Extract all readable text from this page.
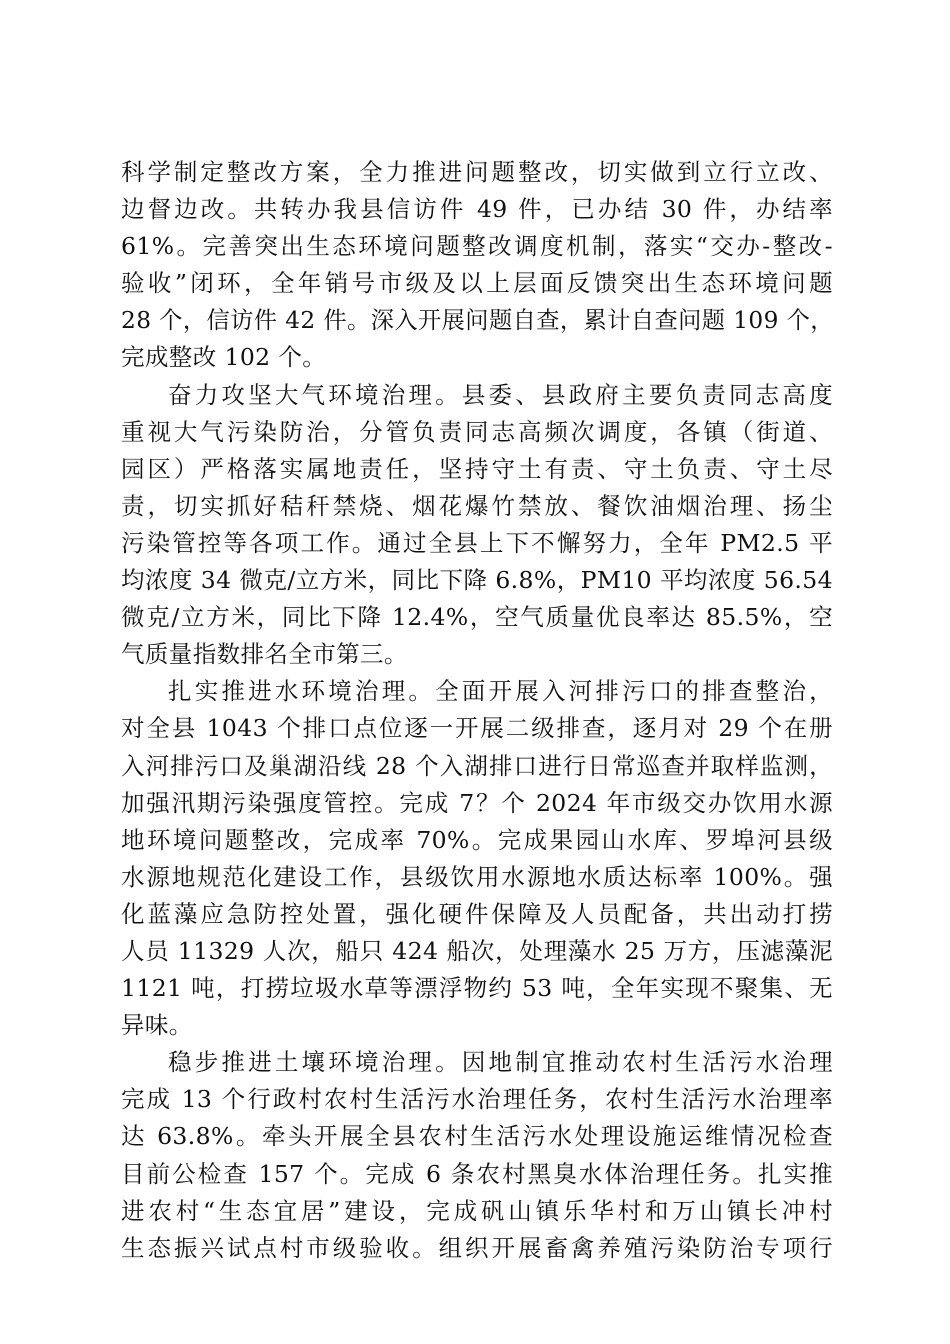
科学制定整改方案，全力推进问题整改，切实做到立行立改、
边督边改。共转办我县信访件 49 件，已办结 30 件，办结率
61%。完善突出生态环境问题整改调度机制，落实“交办-整改-
验收”闭环，全年销号市级及以上层面反馈突出生态环境问题
28 个，信访件 42 件。深入开展问题自查，累计自查问题 109 个，
完成整改 102 个。
奋力攻坚大气环境治理。县委、县政府主要负责同志高度
重视大气污染防治，分管负责同志高频次调度，各镇（街道、
园区）严格落实属地责任，坚持守土有责、守土负责、守土尽
责，切实抓好秸秆禁烧、烟花爆竹禁放、餐饮油烟治理、扬尘
污染管控等各项工作。通过全县上下不懈努力，全年 PM2.5 平
均浓度 34 微克/立方米，同比下降 6.8%，PM10 平均浓度 56.54
微克/立方米，同比下降 12.4%，空气质量优良率达 85.5%，空
气质量指数排名全市第三。
扎实推进水环境治理。全面开展入河排污口的排查整治，
对全县 1043 个排口点位逐一开展二级排查，逐月对 29 个在册
入河排污口及巢湖沿线 28 个入湖排口进行日常巡查并取样监测，
加强汛期污染强度管控。完成 7？个 2024 年市级交办饮用水源
地环境问题整改，完成率 70%。完成果园山水库、罗埠河县级
水源地规范化建设工作，县级饮用水源地水质达标率 100%。强
化蓝藻应急防控处置，强化硬件保障及人员配备，共出动打捞
人员 11329 人次，船只 424 船次，处理藻水 25 万方，压滤藻泥
1121 吨，打捞垃圾水草等漂浮物约 53 吨，全年实现不聚集、无
异味。
稳步推进土壤环境治理。因地制宜推动农村生活污水治理
完成 13 个行政村农村生活污水治理任务，农村生活污水治理率
达 63.8%。牵头开展全县农村生活污水处理设施运维情况检查
目前公检查 157 个。完成 6 条农村黑臭水体治理任务。扎实推
进农村“生态宜居”建设，完成矾山镇乐华村和万山镇长冲村
生态振兴试点村市级验收。组织开展畜禽养殖污染防治专项行
